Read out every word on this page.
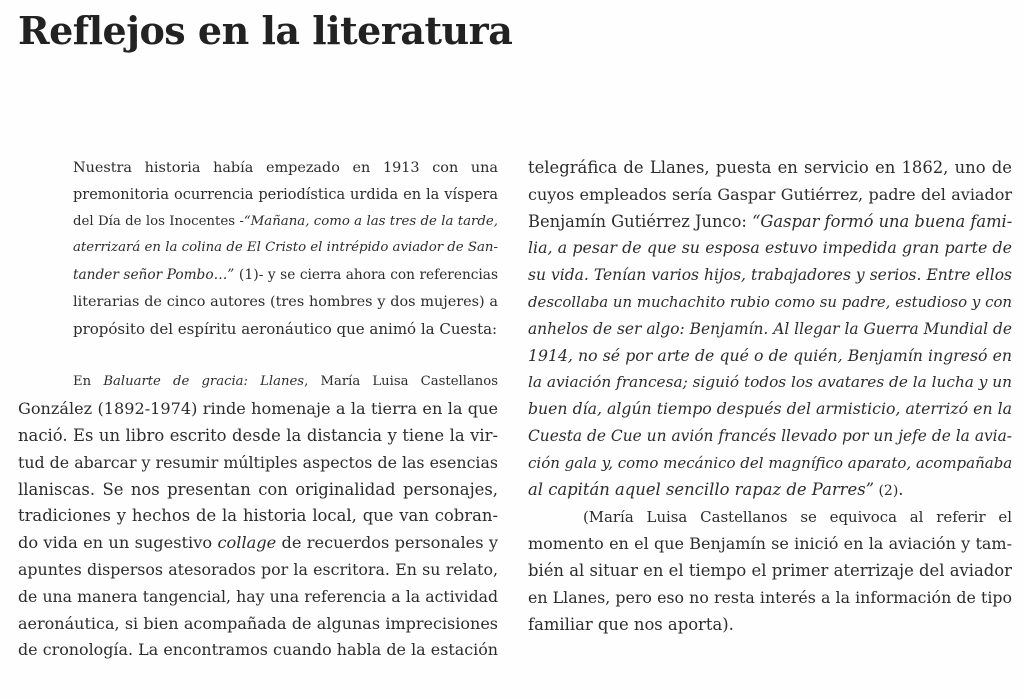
Reflejos en la literatura

Nuestra historia había empezado en 1913 con una
premonitoria ocurrencia periodística urdida en la víspera
del Día de los Inocentes -“Mañana, como a las tres de la tarde,
aterrizará en la colina de El Cristo el intrépido aviador de San-
tander señor Pombo…” (1)- y se cierra ahora con referencias
literarias de cinco autores (tres hombres y dos mujeres) a
propósito del espíritu aeronáutico que animó la Cuesta:

En Baluarte de gracia: Llanes, María Luisa Castellanos
González (1892-1974) rinde homenaje a la tierra en la que
nació. Es un libro escrito desde la distancia y tiene la vir-
tud de abarcar y resumir múltiples aspectos de las esencias
llaniscas. Se nos presentan con originalidad personajes,
tradiciones y hechos de la historia local, que van cobran-
do vida en un sugestivo collage de recuerdos personales y
apuntes dispersos atesorados por la escritora. En su relato,
de una manera tangencial, hay una referencia a la actividad
aeronáutica, si bien acompañada de algunas imprecisiones
de cronología. La encontramos cuando habla de la estación

telegráfica de Llanes, puesta en servicio en 1862, uno de
cuyos empleados sería Gaspar Gutiérrez, padre del aviador
Benjamín Gutiérrez Junco: “Gaspar formó una buena fami-
lia, a pesar de que su esposa estuvo impedida gran parte de
su vida. Tenían varios hijos, trabajadores y serios. Entre ellos
descollaba un muchachito rubio como su padre, estudioso y con
anhelos de ser algo: Benjamín. Al llegar la Guerra Mundial de
1914, no sé por arte de qué o de quién, Benjamín ingresó en
la aviación francesa; siguió todos los avatares de la lucha y un
buen día, algún tiempo después del armisticio, aterrizó en la
Cuesta de Cue un avión francés llevado por un jefe de la avia-
ción gala y, como mecánico del magnífico aparato, acompañaba
al capitán aquel sencillo rapaz de Parres” (2).

(María Luisa Castellanos se equivoca al referir el
momento en el que Benjamín se inició en la aviación y tam-
bién al situar en el tiempo el primer aterrizaje del aviador
en Llanes, pero eso no resta interés a la información de tipo
familiar que nos aporta).
